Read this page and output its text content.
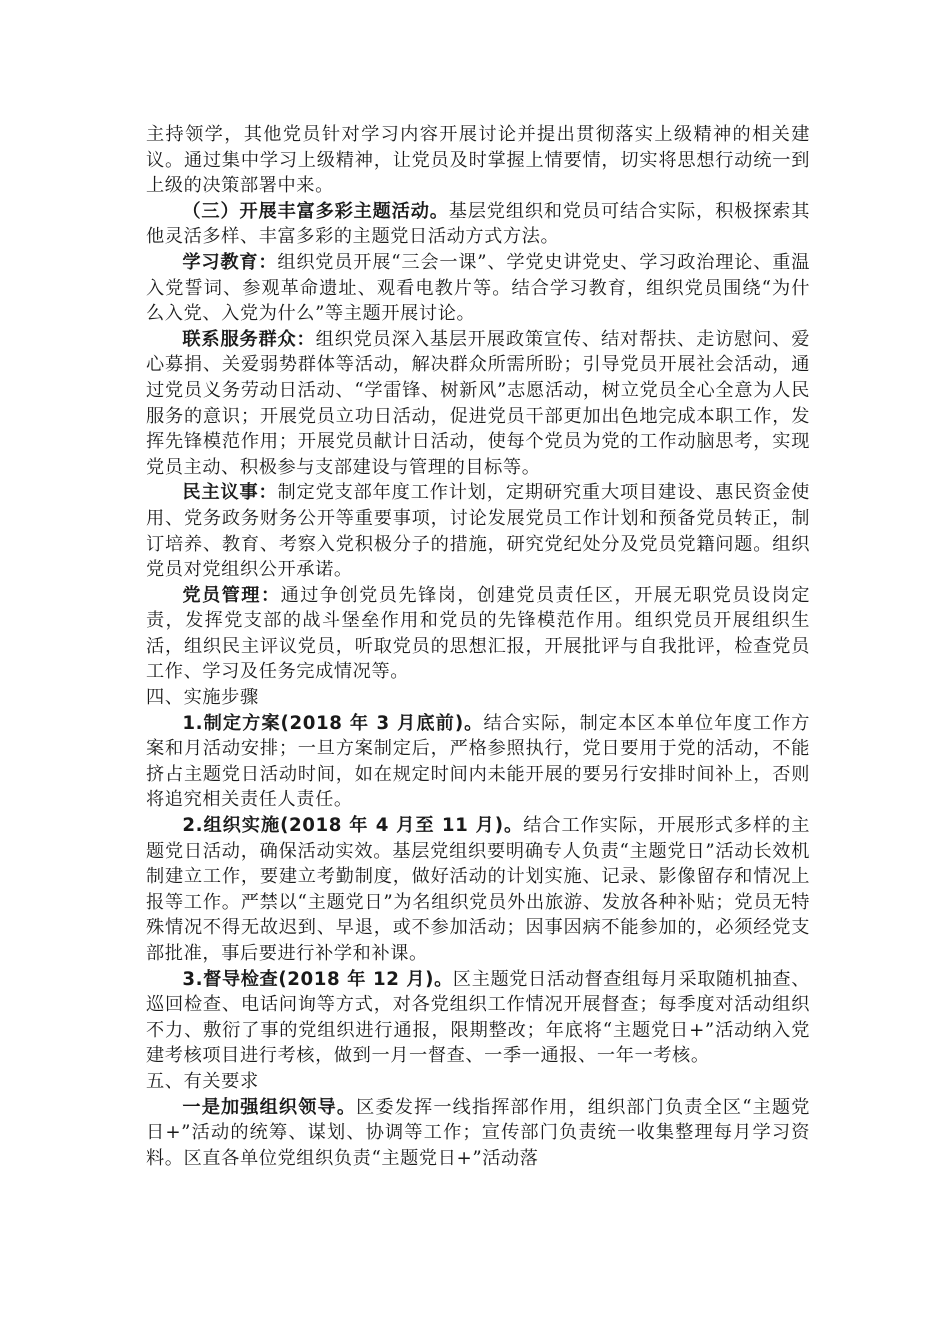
主持领学，其他党员针对学习内容开展讨论并提出贯彻落实上级精神的相关建议。通过集中学习上级精神，让党员及时掌握上情要情，切实将思想行动统一到上级的决策部署中来。

（三）开展丰富多彩主题活动。基层党组织和党员可结合实际，积极探索其他灵活多样、丰富多彩的主题党日活动方式方法。

学习教育：组织党员开展“三会一课”、学党史讲党史、学习政治理论、重温入党誓词、参观革命遗址、观看电教片等。结合学习教育，组织党员围绕“为什么入党、入党为什么”等主题开展讨论。

联系服务群众：组织党员深入基层开展政策宣传、结对帮扶、走访慰问、爱心募捐、关爱弱势群体等活动，解决群众所需所盼；引导党员开展社会活动，通过党员义务劳动日活动、“学雷锋、树新风”志愿活动，树立党员全心全意为人民服务的意识；开展党员立功日活动，促进党员干部更加出色地完成本职工作，发挥先锋模范作用；开展党员献计日活动，使每个党员为党的工作动脑思考，实现党员主动、积极参与支部建设与管理的目标等。

民主议事：制定党支部年度工作计划，定期研究重大项目建设、惠民资金使用、党务政务财务公开等重要事项，讨论发展党员工作计划和预备党员转正，制订培养、教育、考察入党积极分子的措施，研究党纪处分及党员党籍问题。组织党员对党组织公开承诺。

党员管理：通过争创党员先锋岗，创建党员责任区，开展无职党员设岗定责，发挥党支部的战斗堡垒作用和党员的先锋模范作用。组织党员开展组织生活，组织民主评议党员，听取党员的思想汇报，开展批评与自我批评，检查党员工作、学习及任务完成情况等。

四、实施步骤

1.制定方案(2018 年 3 月底前)。结合实际，制定本区本单位年度工作方案和月活动安排；一旦方案制定后，严格参照执行，党日要用于党的活动，不能挤占主题党日活动时间，如在规定时间内未能开展的要另行安排时间补上，否则将追究相关责任人责任。

2.组织实施(2018 年 4 月至 11 月)。结合工作实际，开展形式多样的主题党日活动，确保活动实效。基层党组织要明确专人负责“主题党日”活动长效机制建立工作，要建立考勤制度，做好活动的计划实施、记录、影像留存和情况上报等工作。严禁以“主题党日”为名组织党员外出旅游、发放各种补贴；党员无特殊情况不得无故迟到、早退，或不参加活动；因事因病不能参加的，必须经党支部批准，事后要进行补学和补课。

3.督导检查(2018 年 12 月)。区主题党日活动督查组每月采取随机抽查、巡回检查、电话问询等方式，对各党组织工作情况开展督查；每季度对活动组织不力、敷衍了事的党组织进行通报，限期整改；年底将“主题党日+”活动纳入党建考核项目进行考核，做到一月一督查、一季一通报、一年一考核。

五、有关要求

一是加强组织领导。区委发挥一线指挥部作用，组织部门负责全区“主题党日+”活动的统筹、谋划、协调等工作；宣传部门负责统一收集整理每月学习资料。区直各单位党组织负责“主题党日+”活动落
